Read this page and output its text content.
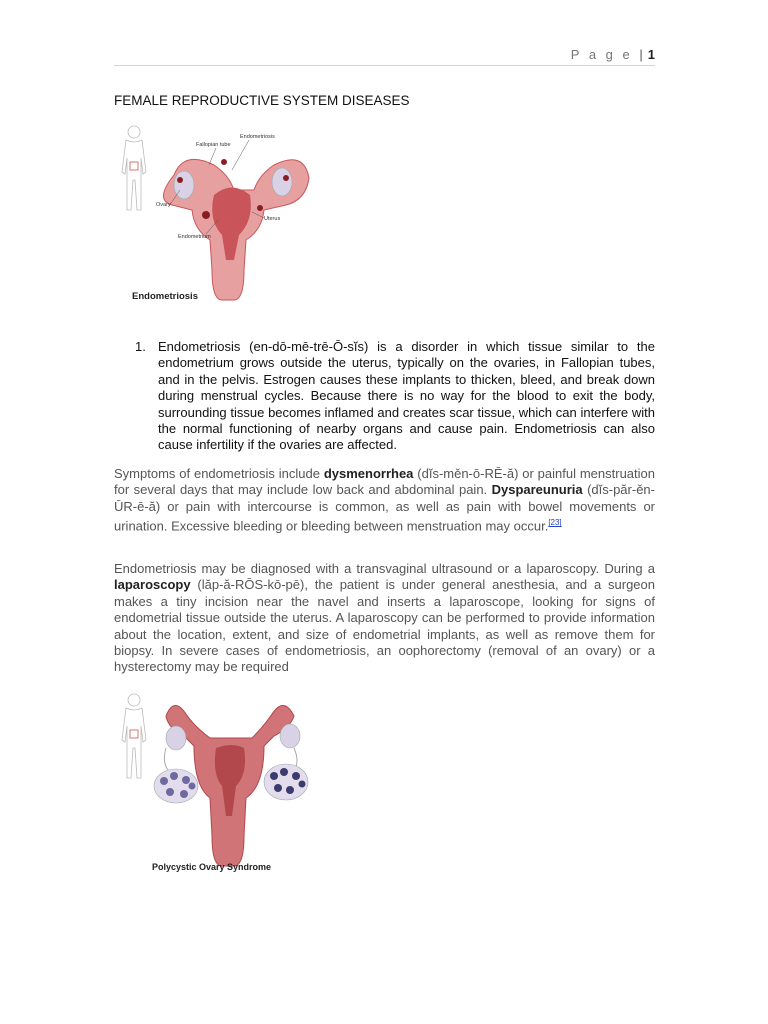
P a g e | 1
FEMALE REPRODUCTIVE SYSTEM DISEASES
Endometriosis
Fallopian tube
Ovary
Uterus
Endometrium
Endometriosis
1. Endometriosis (en-dō-mē-trē-Ō-sĭs) is a disorder in which tissue similar to the endometrium grows outside the uterus, typically on the ovaries, in Fallopian tubes, and in the pelvis. Estrogen causes these implants to thicken, bleed, and break down during menstrual cycles. Because there is no way for the blood to exit the body, surrounding tissue becomes inflamed and creates scar tissue, which can interfere with the normal functioning of nearby organs and cause pain. Endometriosis can also cause infertility if the ovaries are affected.

Symptoms of endometriosis include dysmenorrhea (dĭs-měn-ō-RĒ-ă) or painful menstruation for several days that may include low back and abdominal pain. Dyspareunuria (dĭs-păr-ěn-ŪR-ē-ă) or pain with intercourse is common, as well as pain with bowel movements or urination. Excessive bleeding or bleeding between menstruation may occur.[23]

Endometriosis may be diagnosed with a transvaginal ultrasound or a laparoscopy. During a laparoscopy (lăp-ă-RŌS-kō-pē), the patient is under general anesthesia, and a surgeon makes a tiny incision near the navel and inserts a laparoscope, looking for signs of endometrial tissue outside the uterus. A laparoscopy can be performed to provide information about the location, extent, and size of endometrial implants, as well as remove them for biopsy. In severe cases of endometriosis, an oophorectomy (removal of an ovary) or a hysterectomy may be required

Polycystic Ovary Syndrome
